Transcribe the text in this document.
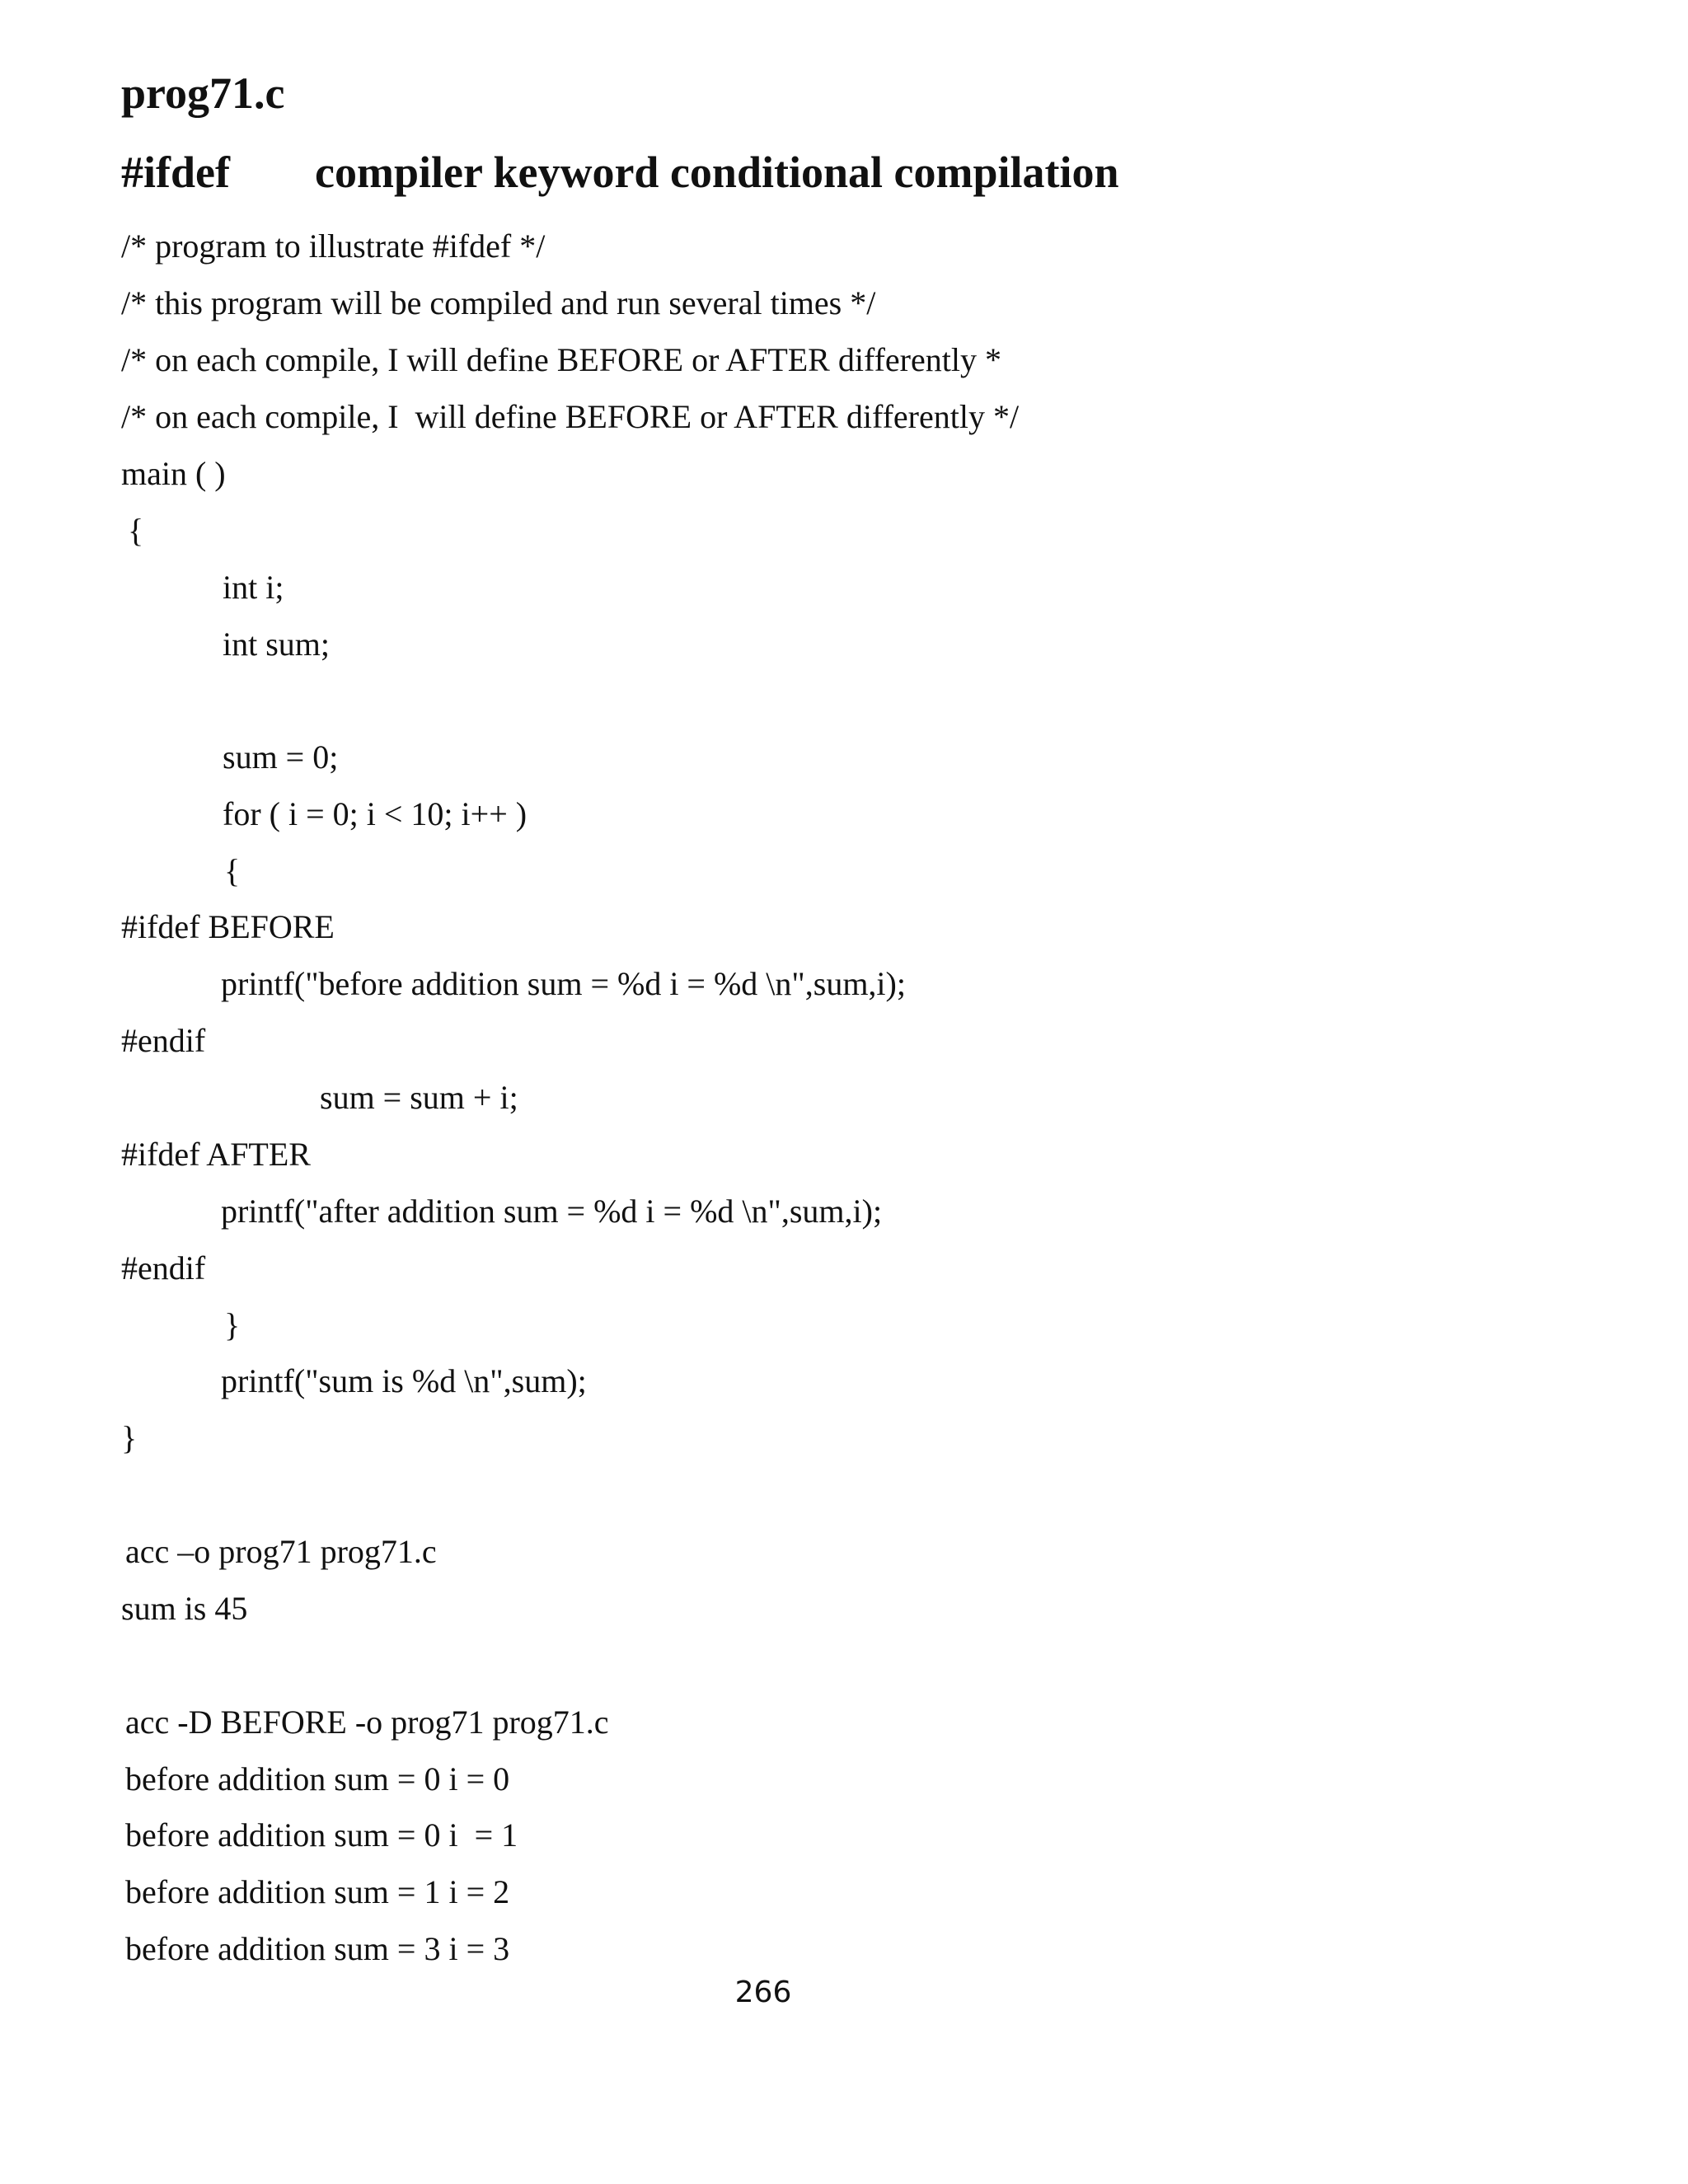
prog71.c
#ifdef compiler keyword conditional compilation
/* program to illustrate #ifdef */
/* this program will be compiled and run several times */
/* on each compile, I will define BEFORE or AFTER differently *
/* on each compile, I  will define BEFORE or AFTER differently */
main ( )
{
int i;
int sum;
sum = 0;
for ( i = 0; i < 10; i++ )
{
#ifdef BEFORE
printf("before addition sum = %d i = %d \n",sum,i);
#endif
sum = sum + i;
#ifdef AFTER
printf("after addition sum = %d i = %d \n",sum,i);
#endif
}
printf("sum is %d \n",sum);
}
acc –o prog71 prog71.c
sum is 45
acc -D BEFORE -o prog71 prog71.c
before addition sum = 0 i = 0
before addition sum = 0 i  = 1
before addition sum = 1 i = 2
before addition sum = 3 i = 3
266
